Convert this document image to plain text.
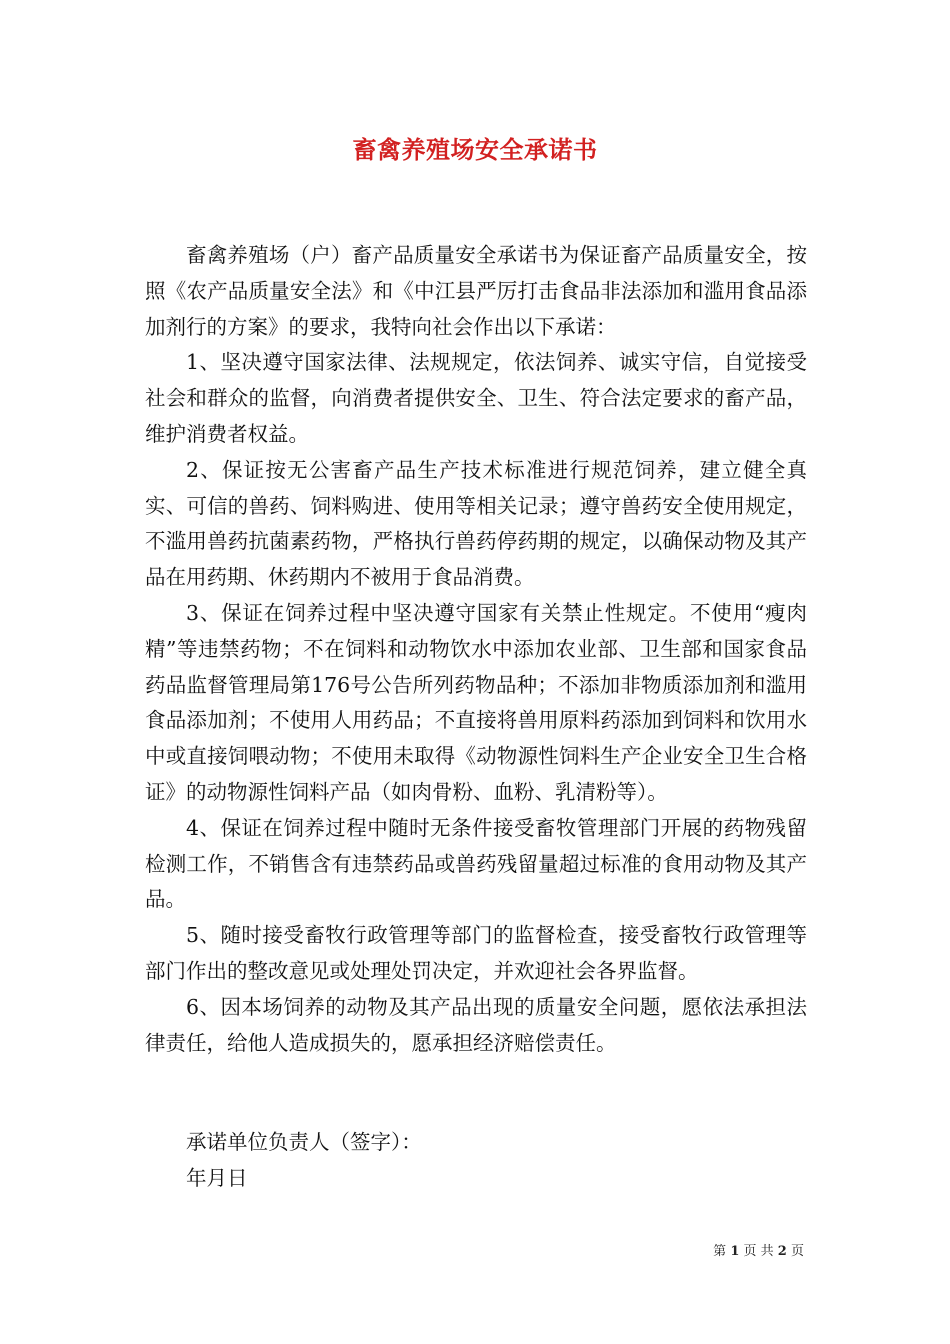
畜禽养殖场安全承诺书

畜禽养殖场（户）畜产品质量安全承诺书为保证畜产品质量安全，按照《农产品质量安全法》和《中江县严厉打击食品非法添加和滥用食品添加剂行的方案》的要求，我特向社会作出以下承诺：

1、坚决遵守国家法律、法规规定，依法饲养、诚实守信，自觉接受社会和群众的监督，向消费者提供安全、卫生、符合法定要求的畜产品，维护消费者权益。

2、保证按无公害畜产品生产技术标准进行规范饲养，建立健全真实、可信的兽药、饲料购进、使用等相关记录；遵守兽药安全使用规定，不滥用兽药抗菌素药物，严格执行兽药停药期的规定，以确保动物及其产品在用药期、休药期内不被用于食品消费。

3、保证在饲养过程中坚决遵守国家有关禁止性规定。不使用“瘦肉精”等违禁药物；不在饲料和动物饮水中添加农业部、卫生部和国家食品药品监督管理局第176号公告所列药物品种；不添加非物质添加剂和滥用食品添加剂；不使用人用药品；不直接将兽用原料药添加到饲料和饮用水中或直接饲喂动物；不使用未取得《动物源性饲料生产企业安全卫生合格证》的动物源性饲料产品（如肉骨粉、血粉、乳清粉等）。

4、保证在饲养过程中随时无条件接受畜牧管理部门开展的药物残留检测工作，不销售含有违禁药品或兽药残留量超过标准的食用动物及其产品。

5、随时接受畜牧行政管理等部门的监督检查，接受畜牧行政管理等部门作出的整改意见或处理处罚决定，并欢迎社会各界监督。

6、因本场饲养的动物及其产品出现的质量安全问题，愿依法承担法律责任，给他人造成损失的，愿承担经济赔偿责任。

承诺单位负责人（签字）：
年月日
第 1 页 共 2 页
